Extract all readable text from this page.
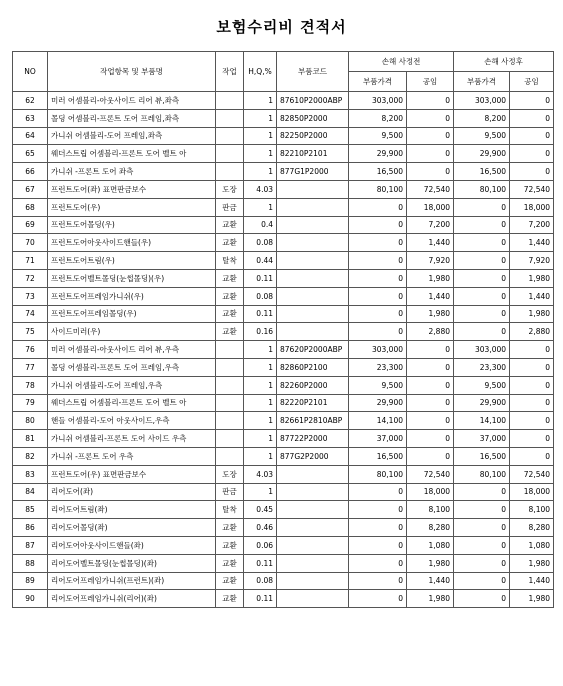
보험수리비 견적서
NO	작업항목 및 부품명	작업	H,Q,%	부품코드	손해 사정전		손해 사정후	
					부품가격	공임	부품가격	공임
62	미러 어셈블리-아웃사이드 리어 뷰,좌측		1	87610P2000ABP	303,000	0	303,000	0
63	몰딩 어셈블리-프론트 도어 프레임,좌측		1	82850P2000	8,200	0	8,200	0
64	가니쉬 어셈블리-도어 프레임,좌측		1	82250P2000	9,500	0	9,500	0
65	웨더스트립 어셈블리-프론트 도어 벨트 아		1	82210P2101	29,900	0	29,900	0
66	가니쉬 -프론트 도어 좌측		1	877G1P2000	16,500	0	16,500	0
67	프런트도어(좌) 표면판금보수	도장	4.03		80,100	72,540	80,100	72,540
68	프런트도어(우)	판금	1		0	18,000	0	18,000
69	프런트도어몰딩(우)	교환	0.4		0	7,200	0	7,200
70	프런트도어아웃사이드핸들(우)	교환	0.08		0	1,440	0	1,440
71	프런트도어트림(우)	탈착	0.44		0	7,920	0	7,920
72	프런트도어벨트몰딩(눈썹몰딩)(우)	교환	0.11		0	1,980	0	1,980
73	프런트도어프레임가니쉬(우)	교환	0.08		0	1,440	0	1,440
74	프런트도어프레임몰딩(우)	교환	0.11		0	1,980	0	1,980
75	사이드미러(우)	교환	0.16		0	2,880	0	2,880
76	미러 어셈블리-아웃사이드 리어 뷰,우측		1	87620P2000ABP	303,000	0	303,000	0
77	몰딩 어셈블리-프론트 도어 프레임,우측		1	82860P2100	23,300	0	23,300	0
78	가니쉬 어셈블리-도어 프레임,우측		1	82260P2000	9,500	0	9,500	0
79	웨더스트립 어셈블리-프론트 도어 벨트 아		1	82220P2101	29,900	0	29,900	0
80	핸들 어셈블리-도어 아웃사이드,우측		1	82661P2810ABP	14,100	0	14,100	0
81	가니쉬 어셈블리-프론트 도어 사이드 우측		1	87722P2000	37,000	0	37,000	0
82	가니쉬 -프론트 도어 우측		1	877G2P2000	16,500	0	16,500	0
83	프런트도어(우) 표면판금보수	도장	4.03		80,100	72,540	80,100	72,540
84	리어도어(좌)	판금	1		0	18,000	0	18,000
85	리어도어트림(좌)	탈착	0.45		0	8,100	0	8,100
86	리어도어몰딩(좌)	교환	0.46		0	8,280	0	8,280
87	리어도어아웃사이드핸들(좌)	교환	0.06		0	1,080	0	1,080
88	리어도어벨트몰딩(눈썹몰딩)(좌)	교환	0.11		0	1,980	0	1,980
89	리어도어프레임가니쉬(프런트)(좌)	교환	0.08		0	1,440	0	1,440
90	리어도어프레임가니쉬(리어)(좌)	교환	0.11		0	1,980	0	1,980
